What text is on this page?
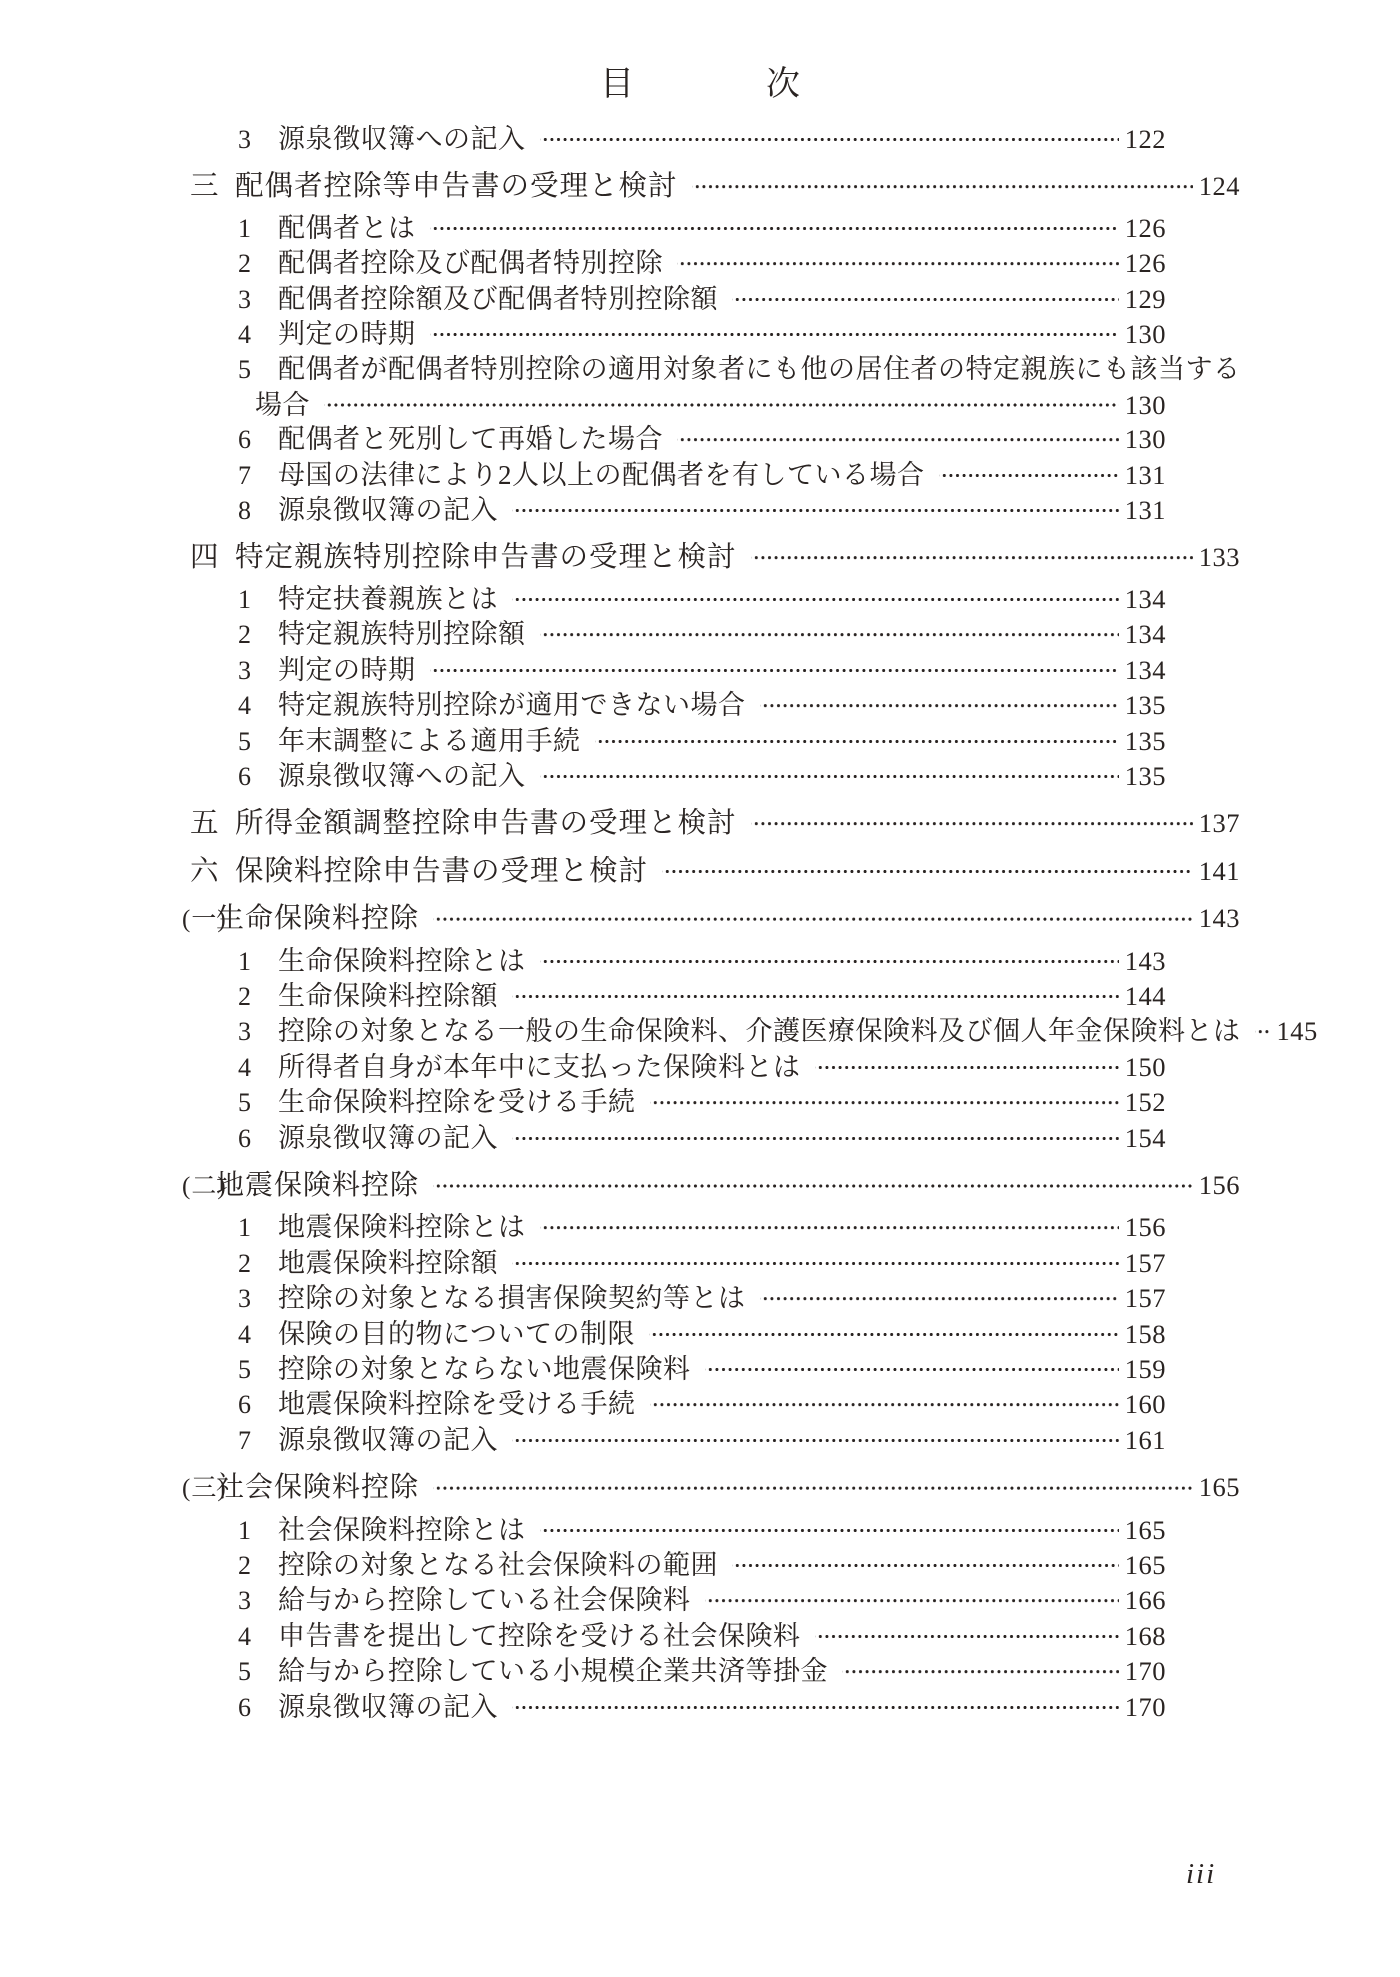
目	次
3 源泉徴収簿への記入	122
三 配偶者控除等申告書の受理と検討	124
1 配偶者とは	126
2 配偶者控除及び配偶者特別控除	126
3 配偶者控除額及び配偶者特別控除額	129
4 判定の時期	130
5 配偶者が配偶者特別控除の適用対象者にも他の居住者の特定親族にも該当する
場合	130
6 配偶者と死別して再婚した場合	130
7 母国の法律により2人以上の配偶者を有している場合	131
8 源泉徴収簿の記入	131
四 特定親族特別控除申告書の受理と検討	133
1 特定扶養親族とは	134
2 特定親族特別控除額	134
3 判定の時期	134
4 特定親族特別控除が適用できない場合	135
5 年末調整による適用手続	135
6 源泉徴収簿への記入	135
五 所得金額調整控除申告書の受理と検討	137
六 保険料控除申告書の受理と検討	141
(一)
生命保険料控除	143
1 生命保険料控除とは	143
2 生命保険料控除額	144
3 控除の対象となる一般の生命保険料、介護医療保険料及び個人年金保険料とは 145
4 所得者自身が本年中に支払った保険料とは	150
5 生命保険料控除を受ける手続	152
6 源泉徴収簿の記入	154
(二)
地震保険料控除	156
1 地震保険料控除とは	156
2 地震保険料控除額	157
3 控除の対象となる損害保険契約等とは	157
4 保険の目的物についての制限	158
5 控除の対象とならない地震保険料	159
6 地震保険料控除を受ける手続	160
7 源泉徴収簿の記入	161
(三)
社会保険料控除	165
1 社会保険料控除とは	165
2 控除の対象となる社会保険料の範囲	165
3 給与から控除している社会保険料	166
4 申告書を提出して控除を受ける社会保険料	168
5 給与から控除している小規模企業共済等掛金	170
6 源泉徴収簿の記入	170
iii
